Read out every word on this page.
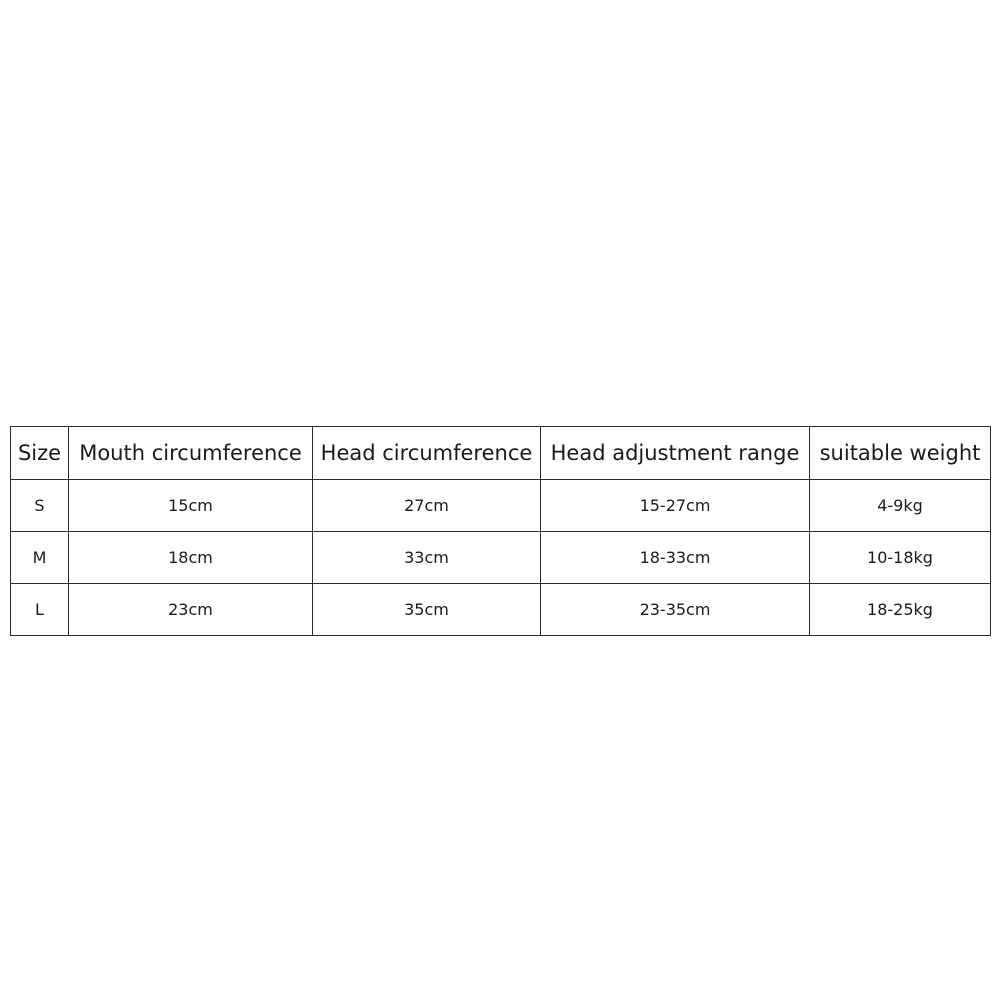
Size	Mouth circumference	Head circumference	Head adjustment range	suitable weight
S	15cm	27cm	15-27cm	4-9kg
M	18cm	33cm	18-33cm	10-18kg
L	23cm	35cm	23-35cm	18-25kg
